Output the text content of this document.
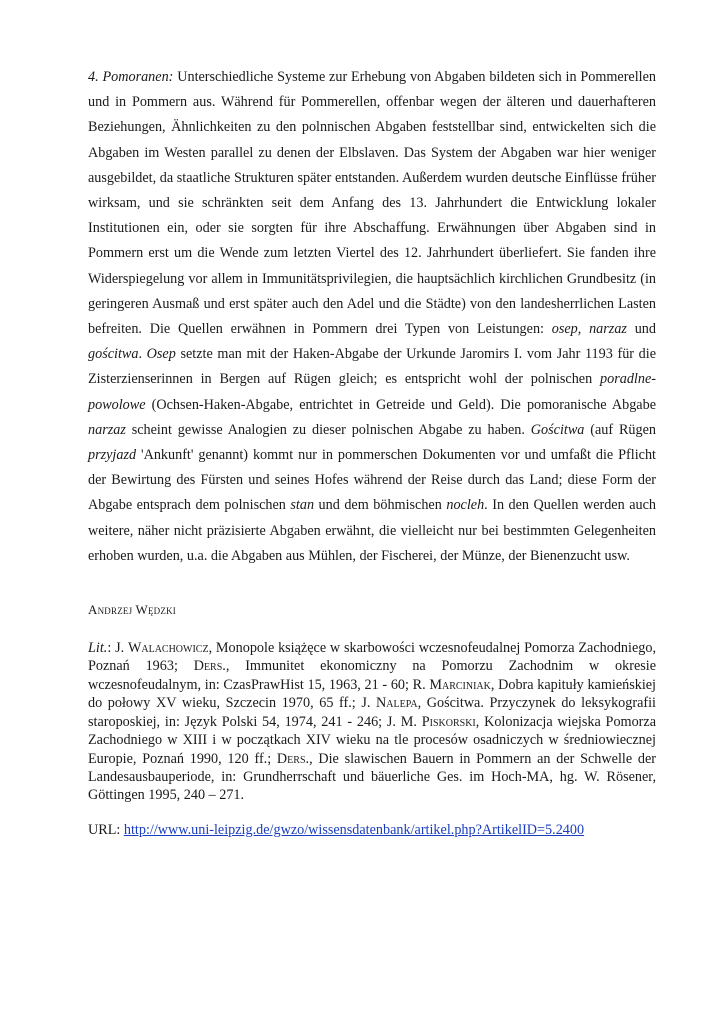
4. Pomoranen: Unterschiedliche Systeme zur Erhebung von Abgaben bildeten sich in Pommerellen und in Pommern aus. Während für Pommerellen, offenbar wegen der älteren und dauerhafteren Beziehungen, Ähnlichkeiten zu den polnnischen Abgaben feststellbar sind, entwickelten sich die Abgaben im Westen parallel zu denen der Elbslaven. Das System der Abgaben war hier weniger ausgebildet, da staatliche Strukturen später entstanden. Außerdem wurden deutsche Einflüsse früher wirksam, und sie schränkten seit dem Anfang des 13. Jahrhundert die Entwicklung lokaler Institutionen ein, oder sie sorgten für ihre Abschaffung. Erwähnungen über Abgaben sind in Pommern erst um die Wende zum letzten Viertel des 12. Jahrhundert überliefert. Sie fanden ihre Widerspiegelung vor allem in Immunitätsprivilegien, die hauptsächlich kirchlichen Grundbesitz (in geringeren Ausmaß und erst später auch den Adel und die Städte) von den landesherrlichen Lasten befreiten. Die Quellen erwähnen in Pommern drei Typen von Leistungen: osep, narzaz und gościtwa. Osep setzte man mit der Haken-Abgabe der Urkunde Jaromirs I. vom Jahr 1193 für die Zisterzienserinnen in Bergen auf Rügen gleich; es entspricht wohl der polnischen poradlne-powolowe (Ochsen-Haken-Abgabe, entrichtet in Getreide und Geld). Die pomoranische Abgabe narzaz scheint gewisse Analogien zu dieser polnischen Abgabe zu haben. Gościtwa (auf Rügen przyjazd 'Ankunft' genannt) kommt nur in pommerschen Dokumenten vor und umfaßt die Pflicht der Bewirtung des Fürsten und seines Hofes während der Reise durch das Land; diese Form der Abgabe entsprach dem polnischen stan und dem böhmischen nocleh. In den Quellen werden auch weitere, näher nicht präzisierte Abgaben erwähnt, die vielleicht nur bei bestimmten Gelegenheiten erhoben wurden, u.a. die Abgaben aus Mühlen, der Fischerei, der Münze, der Bienenzucht usw.

Andrzej Wędzki
Lit.: J. Walachowicz, Monopole książęce w skarbowości wczesnofeudalnej Pomorza Zachodniego, Poznań 1963; Ders., Immunitet ekonomiczny na Pomorzu Zachodnim w okresie wczesnofeudalnym, in: CzasPrawHist 15, 1963, 21 - 60; R. Marciniak, Dobra kapituły kamieńskiej do połowy XV wieku, Szczecin 1970, 65 ff.; J. Nalepa, Gościtwa. Przyczynek do leksykografii staroposkiej, in: Język Polski 54, 1974, 241 - 246; J. M. Piskorski, Kolonizacja wiejska Pomorza Zachodniego w XIII i w początkach XIV wieku na tle procesów osadniczych w średniowiecznej Europie, Poznań 1990, 120 ff.; Ders., Die slawischen Bauern in Pommern an der Schwelle der Landesausbauperiode, in: Grundherrschaft und bäuerliche Ges. im Hoch-MA, hg. W. Rösener, Göttingen 1995, 240 – 271.
URL: http://www.uni-leipzig.de/gwzo/wissensdatenbank/artikel.php?ArtikelID=5.2400
